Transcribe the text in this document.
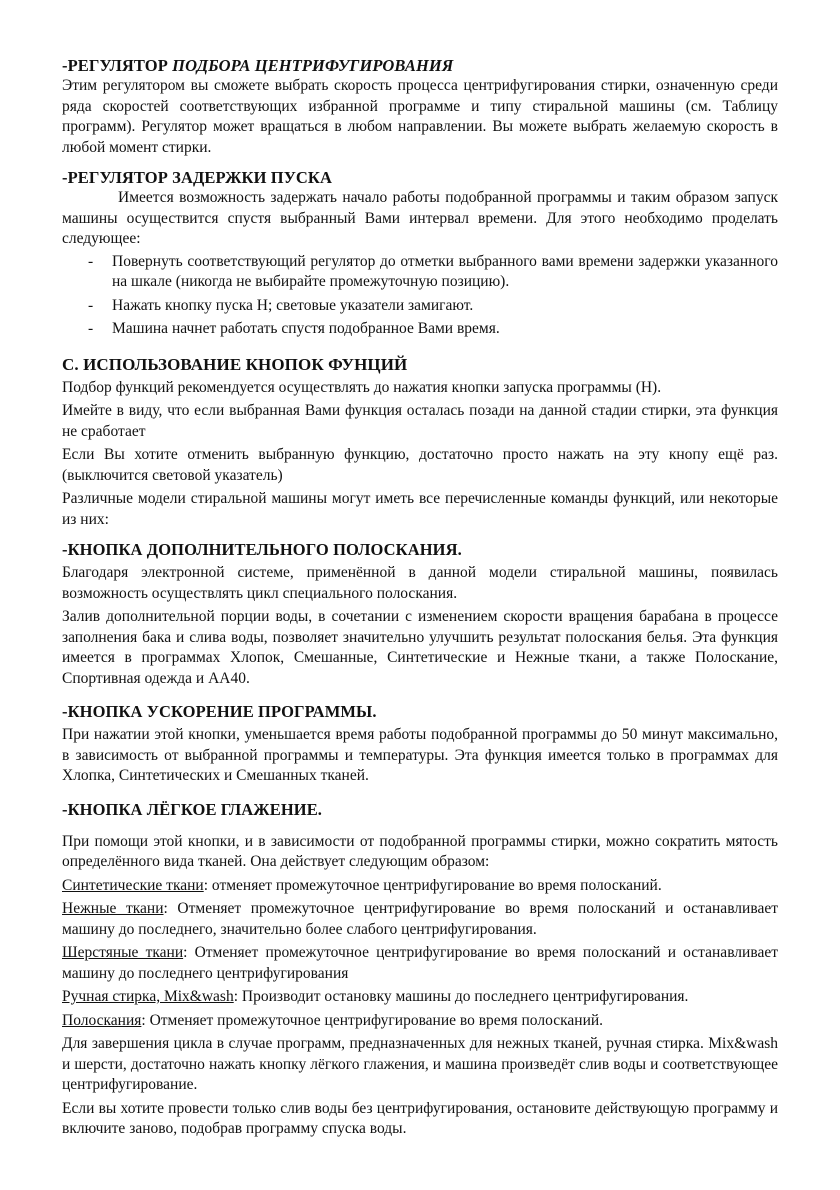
-РЕГУЛЯТОР ПОДБОРА ЦЕНТРИФУГИРОВАНИЯ

Этим регулятором вы сможете выбрать скорость процесса центрифугирования стирки, означенную среди ряда скоростей соответствующих избранной программе и типу стиральной машины (см. Таблицу программ). Регулятор может вращаться в любом направлении. Вы можете выбрать желаемую скорость в любой момент стирки.

-РЕГУЛЯТОР ЗАДЕРЖКИ ПУСКА

Имеется возможность задержать начало работы подобранной программы и таким образом запуск машины осуществится спустя выбранный Вами интервал времени. Для этого необходимо проделать следующее:

- Повернуть соответствующий регулятор до отметки выбранного вами времени задержки указанного на шкале (никогда не выбирайте промежуточную позицию).
- Нажать кнопку пуска Н; световые указатели замигают.
- Машина начнет работать спустя подобранное Вами время.
С. ИСПОЛЬЗОВАНИЕ КНОПОК ФУНЦИЙ

Подбор функций рекомендуется осуществлять до нажатия кнопки запуска программы (Н).

Имейте в виду, что если выбранная Вами функция осталась позади на данной стадии стирки, эта функция не сработает

Если Вы хотите отменить выбранную функцию, достаточно просто нажать на эту кнопу ещё раз. (выключится световой указатель)

Различные модели стиральной машины могут иметь все перечисленные команды функций, или некоторые из них:

-КНОПКА ДОПОЛНИТЕЛЬНОГО ПОЛОСКАНИЯ.

Благодаря электронной системе, применённой в данной модели стиральной машины, появилась возможность осуществлять цикл специального полоскания.

Залив дополнительной порции воды, в сочетании с изменением скорости вращения барабана в процессе заполнения бака и слива воды, позволяет значительно улучшить результат полоскания белья. Эта функция имеется в программах Хлопок, Смешанные, Синтетические и Нежные ткани, а также Полоскание, Спортивная одежда и АА40.

-КНОПКА УСКОРЕНИЕ ПРОГРАММЫ.

При нажатии этой кнопки, уменьшается время работы подобранной программы до 50 минут максимально, в зависимость от выбранной программы и температуры. Эта функция имеется только в программах для Хлопка, Синтетических и Смешанных тканей.

-КНОПКА ЛЁГКОЕ ГЛАЖЕНИЕ.

При помощи этой кнопки, и в зависимости от подобранной программы стирки, можно сократить мятость определённого вида тканей. Она действует следующим образом:

Синтетические ткани: отменяет промежуточное центрифугирование во время полосканий.

Нежные ткани: Отменяет промежуточное центрифугирование во время полосканий и останавливает машину до последнего, значительно более слабого центрифугирования.

Шерстяные ткани: Отменяет промежуточное центрифугирование во время полосканий и останавливает машину до последнего центрифугирования

Ручная стирка, Mix&wash: Производит остановку машины до последнего центрифугирования.

Полоскания: Отменяет промежуточное центрифугирование во время полосканий.

Для завершения цикла в случае программ, предназначенных для нежных тканей, ручная стирка. Mix&wash и шерсти, достаточно нажать кнопку лёгкого глажения, и машина произведёт слив воды и соответствующее центрифугирование.

Если вы хотите провести только слив воды без центрифугирования, остановите действующую программу и включите заново, подобрав программу спуска воды.
